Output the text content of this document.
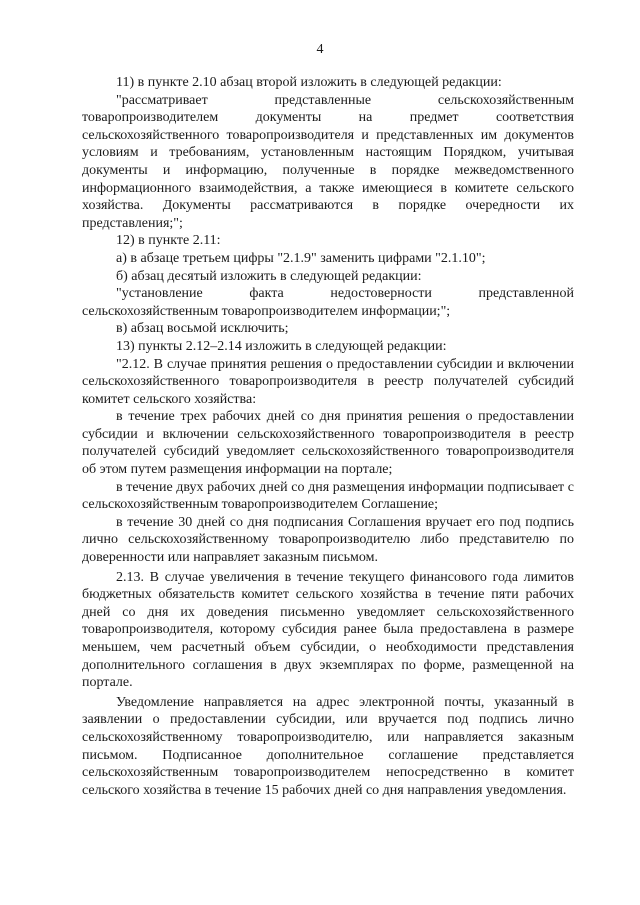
4

11) в пункте 2.10 абзац второй изложить в следующей редакции:

"рассматривает представленные сельскохозяйственным товаропроизводителем документы на предмет соответствия сельскохозяйственного товаропроизводителя и представленных им документов условиям и требованиям, установленным настоящим Порядком, учитывая документы и информацию, полученные в порядке межведомственного информационного взаимодействия, а также имеющиеся в комитете сельского хозяйства. Документы рассматриваются в порядке очередности их представления;";

12) в пункте 2.11:

а) в абзаце третьем цифры "2.1.9" заменить цифрами "2.1.10";

б) абзац десятый изложить в следующей редакции:

"установление факта недостоверности представленной сельскохозяйственным товаропроизводителем информации;";

в) абзац восьмой исключить;

13) пункты 2.12–2.14 изложить в следующей редакции:

"2.12. В случае принятия решения о предоставлении субсидии и включении сельскохозяйственного товаропроизводителя в реестр получателей субсидий комитет сельского хозяйства:

в течение трех рабочих дней со дня принятия решения о предоставлении субсидии и включении сельскохозяйственного товаропроизводителя в реестр получателей субсидий уведомляет сельскохозяйственного товаропроизводителя об этом путем размещения информации на портале;

в течение двух рабочих дней со дня размещения информации подписывает с сельскохозяйственным товаропроизводителем Соглашение;

в течение 30 дней со дня подписания Соглашения вручает его под подпись лично сельскохозяйственному товаропроизводителю либо представителю по доверенности или направляет заказным письмом.

2.13. В случае увеличения в течение текущего финансового года лимитов бюджетных обязательств комитет сельского хозяйства в течение пяти рабочих дней со дня их доведения письменно уведомляет сельскохозяйственного товаропроизводителя, которому субсидия ранее была предоставлена в размере меньшем, чем расчетный объем субсидии, о необходимости представления дополнительного соглашения в двух экземплярах по форме, размещенной на портале.

Уведомление направляется на адрес электронной почты, указанный в заявлении о предоставлении субсидии, или вручается под подпись лично сельскохозяйственному товаропроизводителю, или направляется заказным письмом. Подписанное дополнительное соглашение представляется сельскохозяйственным товаропроизводителем непосредственно в комитет сельского хозяйства в течение 15 рабочих дней со дня направления уведомления.
